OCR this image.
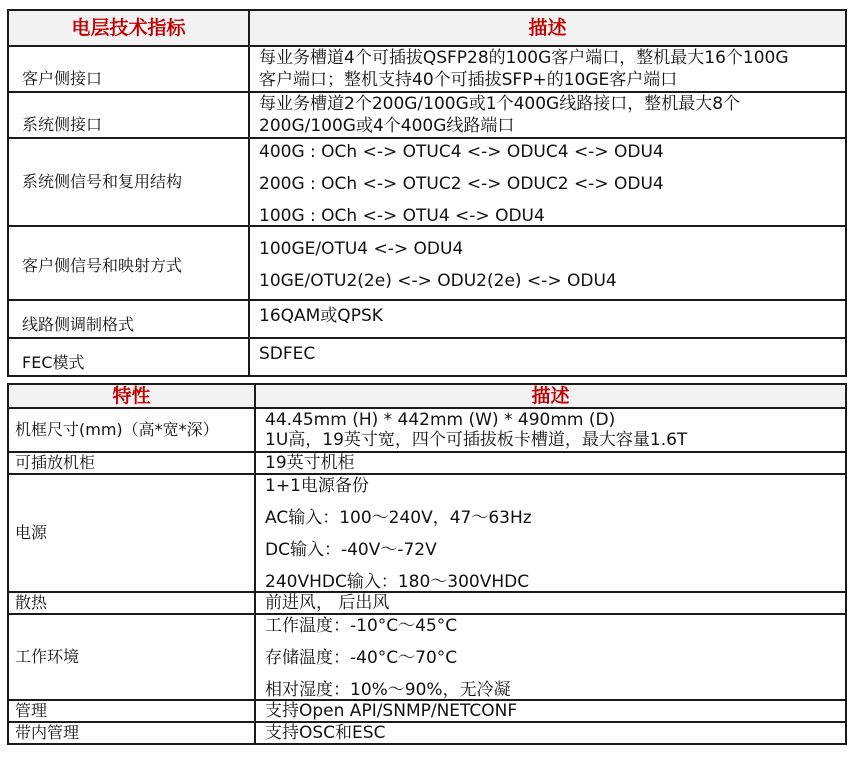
电层技术指标	描述
客户侧接口	每业务槽道4个可插拔QSFP28的100G客户端口，整机最大16个100G
客户端口；整机支持40个可插拔SFP+的10GE客户端口

系统侧接口	每业务槽道2个200G/100G或1个400G线路接口，整机最大8个
200G/100G或4个400G线路端口

系统侧信号和复用结构	400G : OCh <-> OTUC4 <-> ODUC4 <-> ODU4
200G : OCh <-> OTUC2 <-> ODUC2 <-> ODU4
100G : OCh <-> OTU4 <-> ODU4

客户侧信号和映射方式	100GE/OTU4 <-> ODU4
10GE/OTU2(2e) <-> ODU2(2e) <-> ODU4

线路侧调制格式	16QAM或QPSK

FEC模式	SDFEC
特性	描述
机框尺寸(mm)（高*宽*深）	44.45mm (H) * 442mm (W) * 490mm (D)
1U高，19英寸宽，四个可插拔板卡槽道，最大容量1.6T

可插放机柜	19英寸机柜

电源	1+1电源备份
AC输入：100～240V，47～63Hz
DC输入：-40V～-72V
240VHDC输入：180～300VHDC

散热	前进风， 后出风

工作环境	工作温度：-10°C～45°C
存储温度：-40°C～70°C
相对湿度：10%～90%，无冷凝

管理	支持Open API/SNMP/NETCONF

带内管理	支持OSC和ESC
